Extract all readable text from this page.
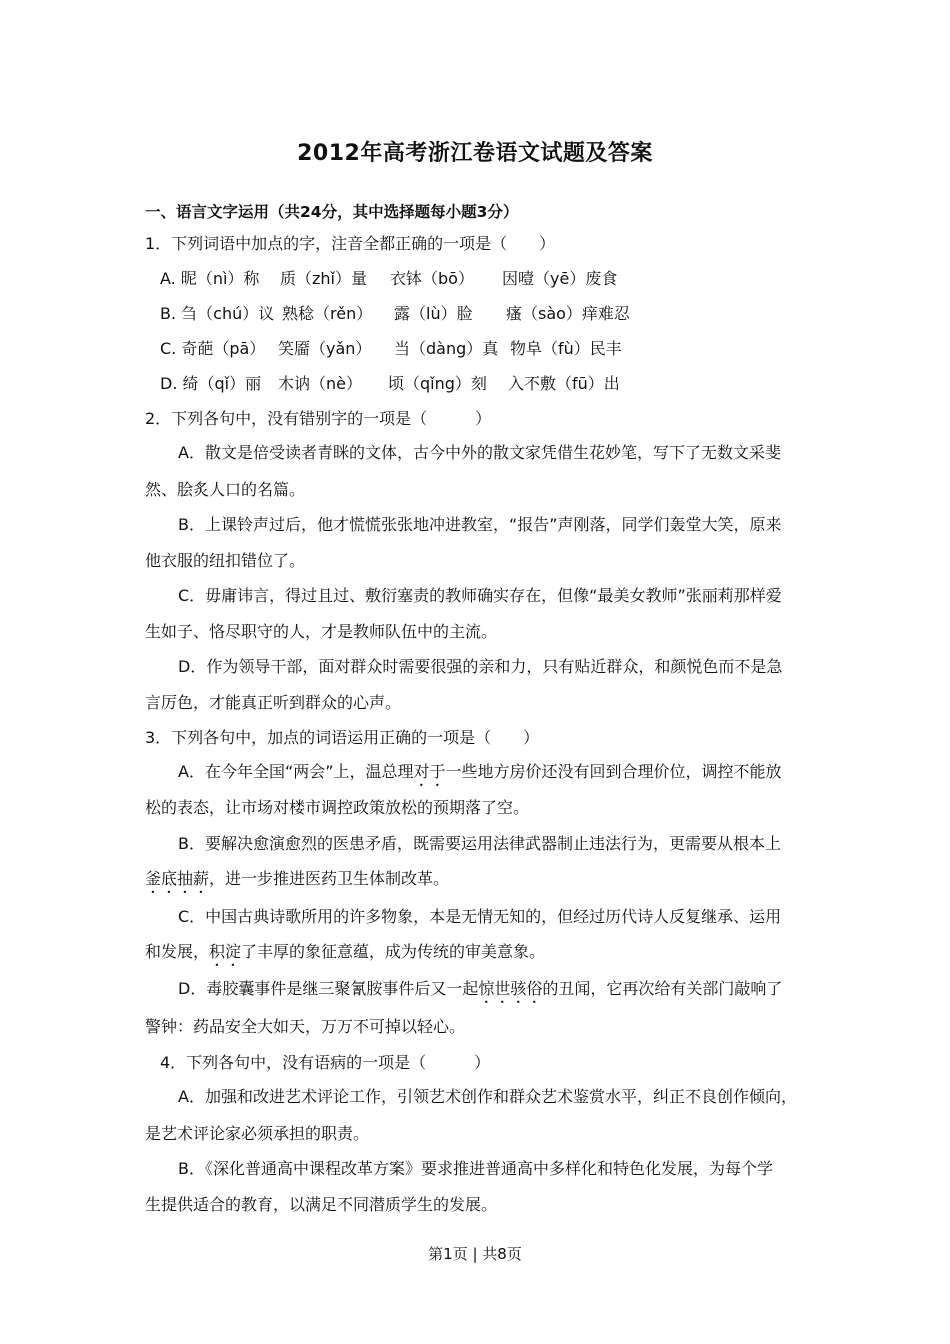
2012年高考浙江卷语文试题及答案
一、语言文字运用（共24分，其中选择题每小题3分）
1．下列词语中加点的字，注音全都正确的一项是（　　）
A. 昵（nì）称 质（zhǐ）量 衣钵（bō） 因噎（yē）废食
B. 刍（chú）议 熟稔（rěn） 露（lù）脸 瘙（sào）痒难忍
C. 奇葩（pā） 笑靥（yǎn） 当（dàng）真 物阜（fù）民丰
D. 绮（qǐ）丽 木讷（nè） 顷（qǐng）刻 入不敷（fū）出
2．下列各句中，没有错别字的一项是（　　　）
A．散文是倍受读者青眯的文体，古今中外的散文家凭借生花妙笔，写下了无数文采斐
然、脍炙人口的名篇。
B．上课铃声过后，他才慌慌张张地冲进教室，“报告”声刚落，同学们轰堂大笑，原来
他衣服的纽扣错位了。
C．毋庸讳言，得过且过、敷衍塞责的教师确实存在，但像“最美女教师”张丽莉那样爱
生如子、恪尽职守的人，才是教师队伍中的主流。
D．作为领导干部，面对群众时需要很强的亲和力，只有贴近群众，和颜悦色而不是急
言厉色，才能真正听到群众的心声。
3．下列各句中，加点的词语运用正确的一项是（　　）
A．在今年全国“两会”上，温总理对于一些地方房价还没有回到合理价位，调控不能放
松的表态，让市场对楼市调控政策放松的预期落了空。
B．要解决愈演愈烈的医患矛盾，既需要运用法律武器制止违法行为，更需要从根本上
釜底抽薪，进一步推进医药卫生体制改革。
C．中国古典诗歌所用的许多物象，本是无情无知的，但经过历代诗人反复继承、运用
和发展，积淀了丰厚的象征意蕴，成为传统的审美意象。
D．毒胶囊事件是继三聚氰胺事件后又一起惊世骇俗的丑闻，它再次给有关部门敲响了
警钟：药品安全大如天，万万不可掉以轻心。
4．下列各句中，没有语病的一项是（　　　）
A．加强和改进艺术评论工作，引领艺术创作和群众艺术鉴赏水平，纠正不良创作倾向，
是艺术评论家必须承担的职责。
B．《深化普通高中课程改革方案》要求推进普通高中多样化和特色化发展，为每个学
生提供适合的教育，以满足不同潜质学生的发展。
第1页 | 共8页
